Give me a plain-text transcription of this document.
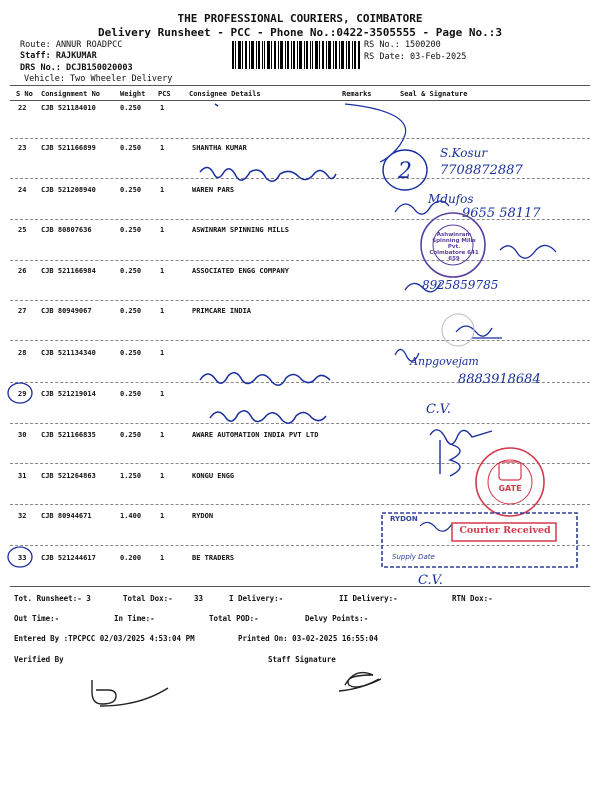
THE PROFESSIONAL COURIERS, COIMBATORE
Delivery Runsheet - PCC - Phone No.:0422-3505555 - Page No.:3
Route: ANNUR ROADPCC
Staff: RAJKUMAR
DRS No.: DCJB150020003
Vehicle: Two Wheeler Delivery
RS No.: 1500200
RS Date: 03-Feb-2025
S No Consignment No	Weight PCS	Consignee Details	Remarks	Seal & Signature
22 CJB 521184010	0.250	1
23 CJB 521166899	0.250	1	SHANTHA KUMAR
24 CJB 521208940	0.250	1	WAREN PARS
25 CJB 80807636	0.250	1	ASWINRAM SPINNING MILLS
26 CJB 521166984	0.250	1	ASSOCIATED ENGG COMPANY
27 CJB 80949067	0.250	1	PRIMCARE INDIA
28 CJB 521134340	0.250	1
29 CJB 521219014	0.250	1
30 CJB 521166835	0.250	1	AWARE AUTOMATION INDIA PVT LTD
31 CJB 521264863	1.250	1	KONGU ENGG
32 CJB 80944671	1.400	1	RYDON
33 CJB 521244617	0.200	1	BE TRADERS
2
S.Kosur
7708872887
Mdufos
9655 58117
8925859785
Anpgovejam
8883918684
C.V.
C.V.
Ashwinram Spinning Mills Pvt.
Coimbatore 641 659
GATE
Courier Received
RYDON
Supply Date
Tot. Runsheet:- 3	Total Dox:-	33	I Delivery:-	II Delivery:-	RTN Dox:-
Out Time:-	In Time:-	Total POD:-	Delvy Points:-
Entered By :TPCPCC 02/03/2025 4:53:04 PM	Printed On: 03-02-2025 16:55:04
Verified By	Staff Signature
